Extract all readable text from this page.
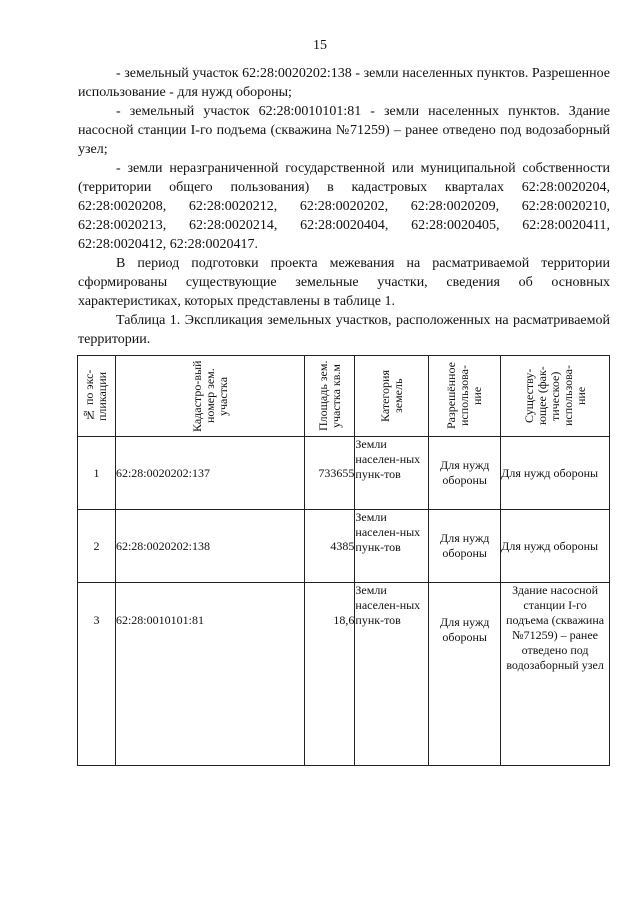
15

- земельный участок 62:28:0020202:138 - земли населенных пунктов. Разрешенное использование - для нужд обороны;

- земельный участок 62:28:0010101:81 - земли населенных пунктов. Здание насосной станции I-го подъема (скважина №71259) – ранее отведено под водозаборный узел;

- земли неразграниченной государственной или муниципальной собственности (территории общего пользования) в кадастровых кварталах 62:28:0020204, 62:28:0020208, 62:28:0020212, 62:28:0020202, 62:28:0020209, 62:28:0020210, 62:28:0020213, 62:28:0020214, 62:28:0020404, 62:28:0020405, 62:28:0020411, 62:28:0020412, 62:28:0020417.

В период подготовки проекта межевания на расматриваемой территории сформированы существующие земельные участки, сведения об основных характеристиках, которых представлены в таблице 1.

Таблица 1. Экспликация земельных участков, расположенных на расматриваемой территории.

№ по экс-пликации	Кадастро-вый номер зем. участкa	Площадь зем. участка кв.м	Категория земель	Разрешённое использова-ние	Существу-ющее (фак-тическое) использова-ние

1	62:28:0020202:137	733655	Земли населен-ных пунк-тов	Для нужд обороны	Для нужд обороны
2	62:28:0020202:138	4385	Земли населен-ных пунк-тов	Для нужд обороны	Для нужд обороны
3	62:28:0010101:81	18,6	Земли населен-ных пунк-тов	Для нужд обороны	Здание насосной станции I-го подъема (скважина №71259) – ранее отведено под водозаборный узел
